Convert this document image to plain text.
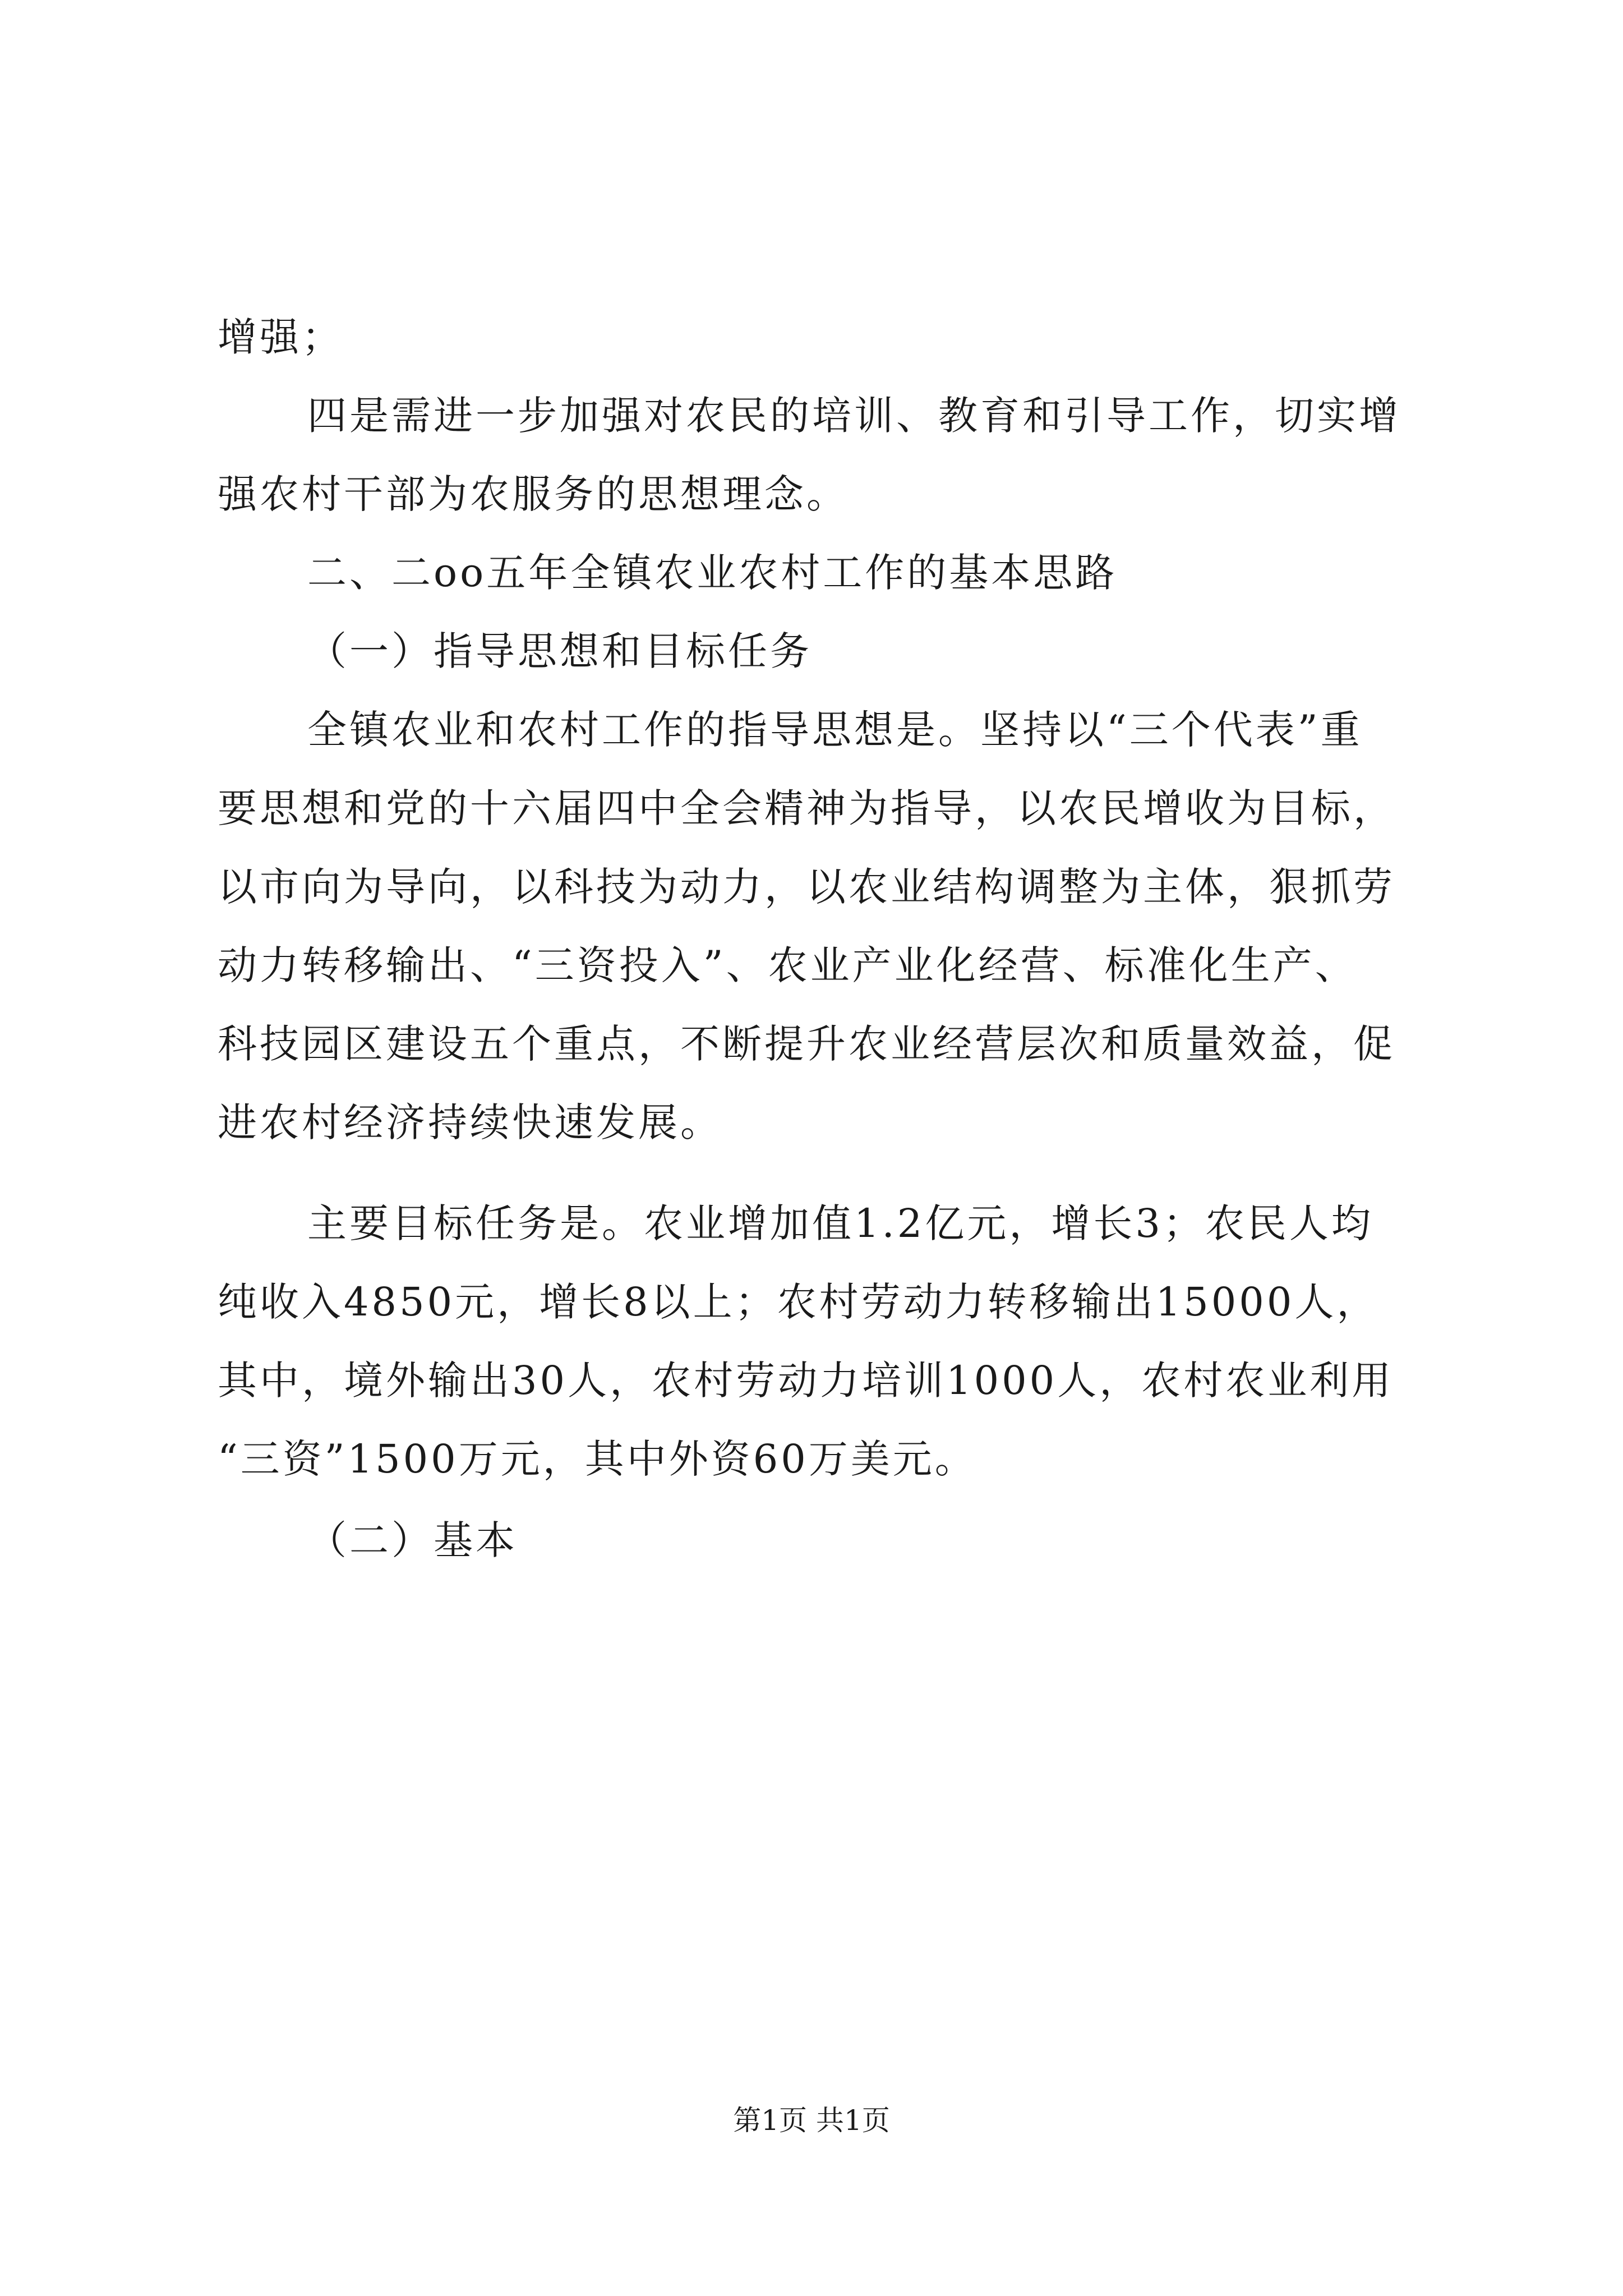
增强；
四是需进一步加强对农民的培训、教育和引导工作，切实增
强农村干部为农服务的思想理念。
二、二oo五年全镇农业农村工作的基本思路
（一）指导思想和目标任务
全镇农业和农村工作的指导思想是。坚持以“三个代表”重
要思想和党的十六届四中全会精神为指导，以农民增收为目标，
以市向为导向，以科技为动力，以农业结构调整为主体，狠抓劳
动力转移输出、“三资投入”、农业产业化经营、标准化生产、
科技园区建设五个重点，不断提升农业经营层次和质量效益，促
进农村经济持续快速发展。
主要目标任务是。农业增加值1.2亿元，增长3；农民人均
纯收入4850元，增长8以上；农村劳动力转移输出15000人，
其中，境外输出30人，农村劳动力培训1000人，农村农业利用
“三资”1500万元，其中外资60万美元。
（二）基本
第1页 共1页
